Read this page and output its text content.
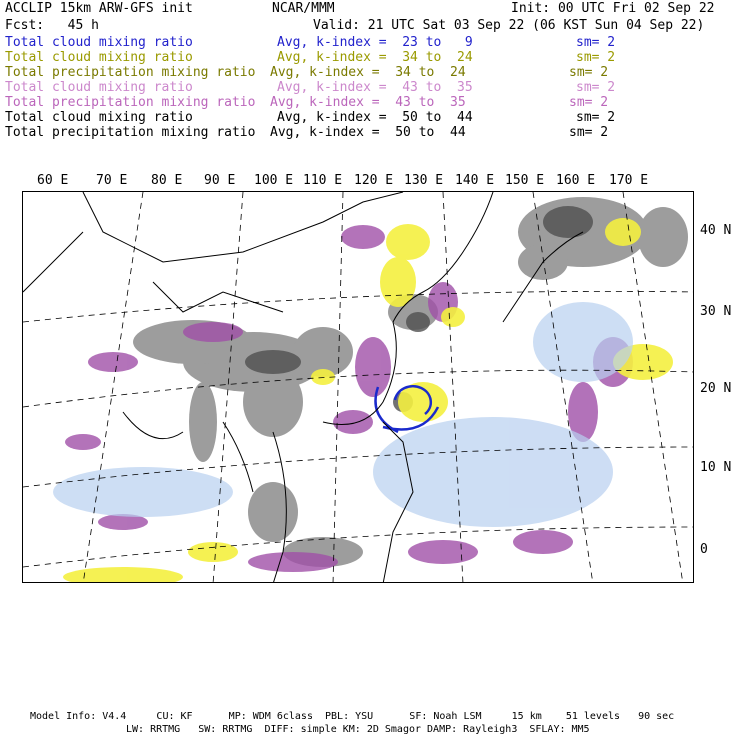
ACCLIP 15km ARW-GFS init	NCAR/MMM	Init: 00 UTC Fri 02 Sep 22
Fcst:   45 h	Valid: 21 UTC Sat 03 Sep 22 (06 KST Sun 04 Sep 22)
Total cloud mixing ratio	Avg, k-index =  23 to   9	sm= 2
Total cloud mixing ratio	Avg, k-index =  34 to  24	sm= 2
Total precipitation mixing ratio Avg, k-index =  34 to  24	sm= 2
Total cloud mixing ratio	Avg, k-index =  43 to  35	sm= 2
Total precipitation mixing ratio Avg, k-index =  43 to  35	sm= 2
Total cloud mixing ratio	Avg, k-index =  50 to  44	sm= 2
Total precipitation mixing ratio Avg, k-index =  50 to  44	sm= 2
60 E 70 E 80 E 90 E 100 E 110 E 120 E 130 E 140 E 150 E 160 E 170 E
40 N
30 N
20 N
10 N
0
Model Info: V4.4     CU: KF      MP: WDM 6class  PBL: YSU      SF: Noah LSM     15 km    51 levels   90 sec
LW: RRTMG   SW: RRTMG  DIFF: simple KM: 2D Smagor DAMP: Rayleigh3  SFLAY: MM5
